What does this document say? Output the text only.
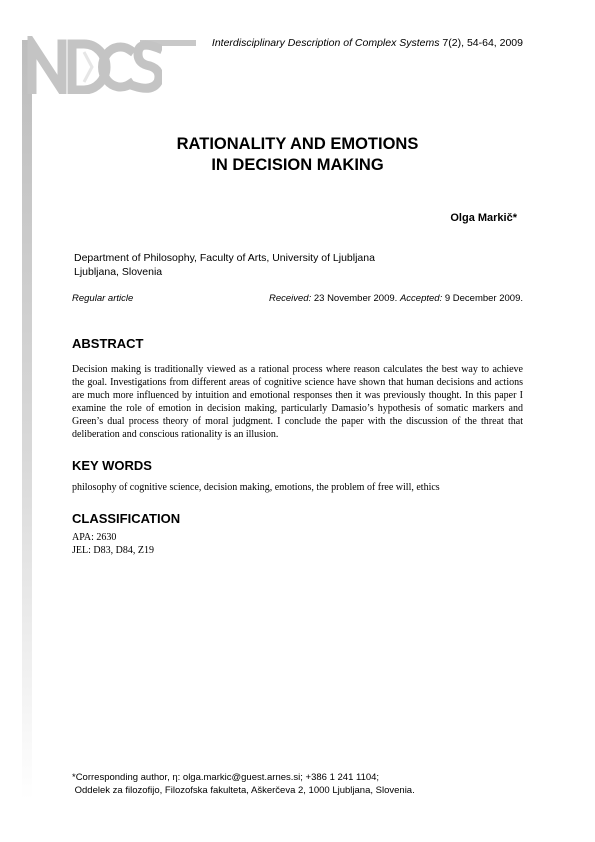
Interdisciplinary Description of Complex Systems 7(2), 54-64, 2009
RATIONALITY AND EMOTIONS
IN DECISION MAKING
Olga Markič*
Department of Philosophy, Faculty of Arts, University of Ljubljana
Ljubljana, Slovenia
Regular article	Received: 23 November 2009. Accepted: 9 December 2009.
ABSTRACT
Decision making is traditionally viewed as a rational process where reason calculates the best way to achieve the goal. Investigations from different areas of cognitive science have shown that human decisions and actions are much more influenced by intuition and emotional responses then it was previously thought. In this paper I examine the role of emotion in decision making, particularly Damasio’s hypothesis of somatic markers and Green’s dual process theory of moral judgment. I conclude the paper with the discussion of the threat that deliberation and conscious rationality is an illusion.
KEY WORDS
philosophy of cognitive science, decision making, emotions, the problem of free will, ethics
CLASSIFICATION
APA: 2630
JEL: D83, D84, Z19
*Corresponding author, η: olga.markic@guest.arnes.si; +386 1 241 1104;
Oddelek za filozofijo, Filozofska fakulteta, Aškerčeva 2, 1000 Ljubljana, Slovenia.
